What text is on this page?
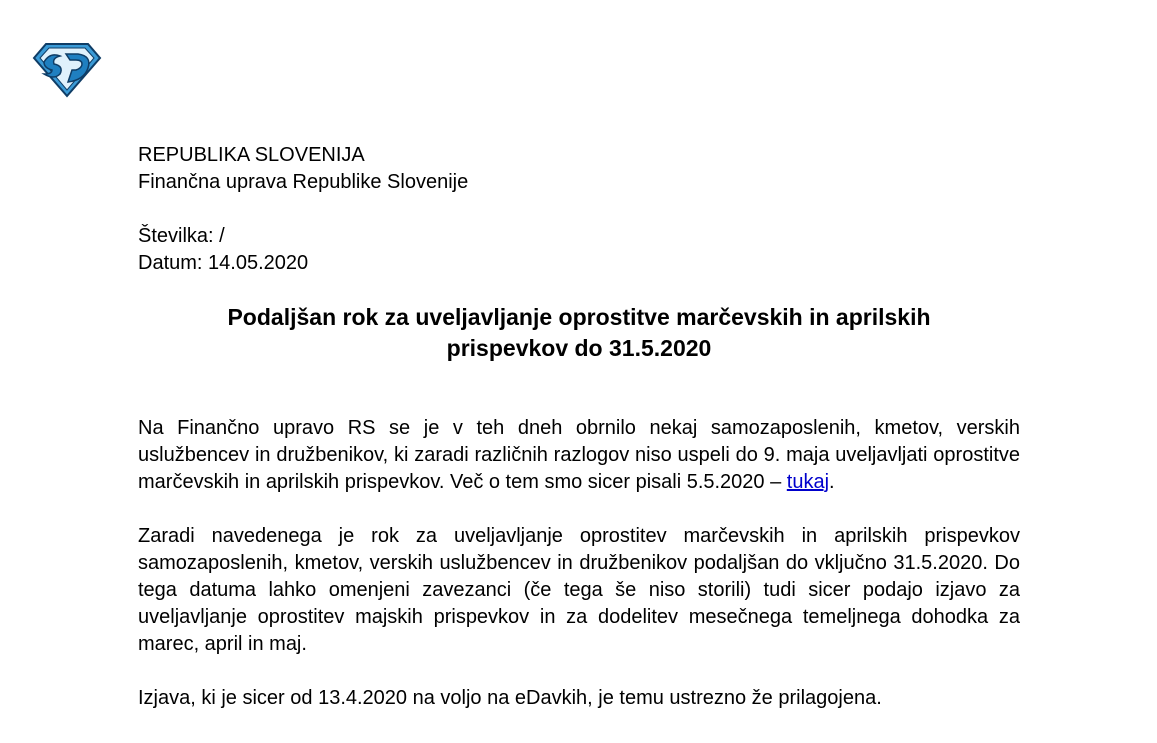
REPUBLIKA SLOVENIJA
Finančna uprava Republike Slovenije
Številka: /
Datum: 14.05.2020
Podaljšan rok za uveljavljanje oprostitve marčevskih in aprilskih
prispevkov do 31.5.2020

Na Finančno upravo RS se je v teh dneh obrnilo nekaj samozaposlenih, kmetov, verskih uslužbencev in družbenikov, ki zaradi različnih razlogov niso uspeli do 9. maja uveljavljati oprostitve marčevskih in aprilskih prispevkov. Več o tem smo sicer pisali 5.5.2020 – tukaj.

Zaradi navedenega je rok za uveljavljanje oprostitev marčevskih in aprilskih prispevkov samozaposlenih, kmetov, verskih uslužbencev in družbenikov podaljšan do vključno 31.5.2020. Do tega datuma lahko omenjeni zavezanci (če tega še niso storili) tudi sicer podajo izjavo za uveljavljanje oprostitev majskih prispevkov in za dodelitev mesečnega temeljnega dohodka za marec, april in maj.

Izjava, ki je sicer od 13.4.2020 na voljo na eDavkih, je temu ustrezno že prilagojena.
